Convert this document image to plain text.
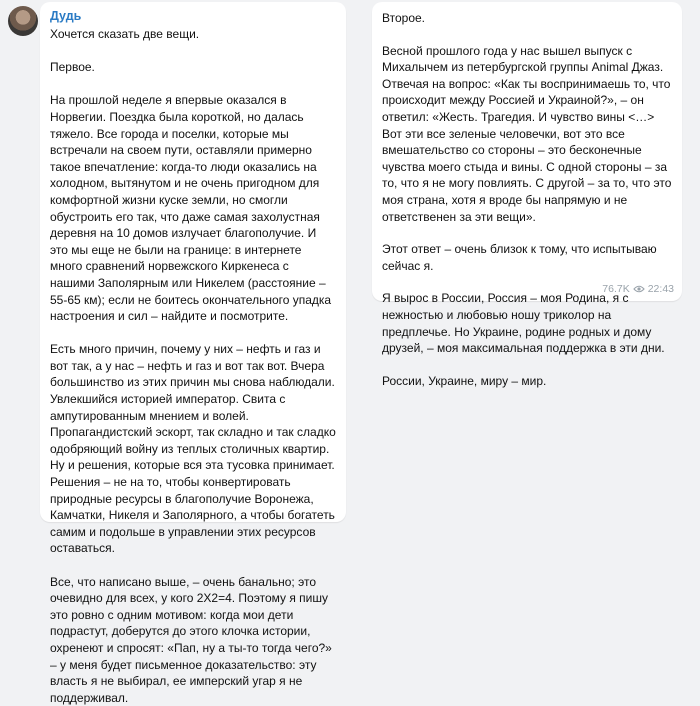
Дудь

Хочется сказать две вещи.

Первое.

На прошлой неделе я впервые оказался в Норвегии. Поездка была короткой, но далась тяжело. Все города и поселки, которые мы встречали на своем пути, оставляли примерно такое впечатление: когда-то люди оказались на холодном, вытянутом и не очень пригодном для комфортной жизни куске земли, но смогли обустроить его так, что даже самая захолустная деревня на 10 домов излучает благополучие. И это мы еще не были на границе: в интернете много сравнений норвежского Киркенеса с нашими Заполярным или Никелем (расстояние – 55-65 км); если не боитесь окончательного упадка настроения и сил – найдите и посмотрите.

Есть много причин, почему у них – нефть и газ и вот так, а у нас – нефть и газ и вот так вот. Вчера большинство из этих причин мы снова наблюдали. Увлекшийся историей император. Свита с ампутированным мнением и волей. Пропагандистский эскорт, так складно и так сладко одобряющий войну из теплых столичных квартир. Ну и решения, которые вся эта тусовка принимает. Решения – не на то, чтобы конвертировать природные ресурсы в благополучие Воронежа, Камчатки, Никеля и Заполярного, а чтобы богатеть самим и подольше в управлении этих ресурсов оставаться.

Все, что написано выше, – очень банально; это очевидно для всех, у кого 2Х2=4. Поэтому я пишу это ровно с одним мотивом: когда мои дети подрастут, доберутся до этого клочка истории, охренеют и спросят: «Пап, ну а ты-то тогда чего?» – у меня будет письменное доказательство: эту власть я не выбирал, ее имперский угар я не поддерживал.

Второе.

Весной прошлого года у нас вышел выпуск с Михалычем из петербургской группы Animal Джаз. Отвечая на вопрос: «Как ты воспринимаешь то, что происходит между Россией и Украиной?», – он ответил: «Жесть. Трагедия. И чувство вины <…> Вот эти все зеленые человечки, вот это все вмешательство со стороны – это бесконечные чувства моего стыда и вины. С одной стороны – за то, что я не могу повлиять. С другой – за то, что это моя страна, хотя я вроде бы напрямую и не ответственен за эти вещи».

Этот ответ – очень близок к тому, что испытываю сейчас я.

Я вырос в России, Россия – моя Родина, я с нежностью и любовью ношу триколор на предплечье. Но Украине, родине родных и дому друзей, – моя максимальная поддержка в эти дни.

России, Украине, миру – мир.

76.7K 22:43
